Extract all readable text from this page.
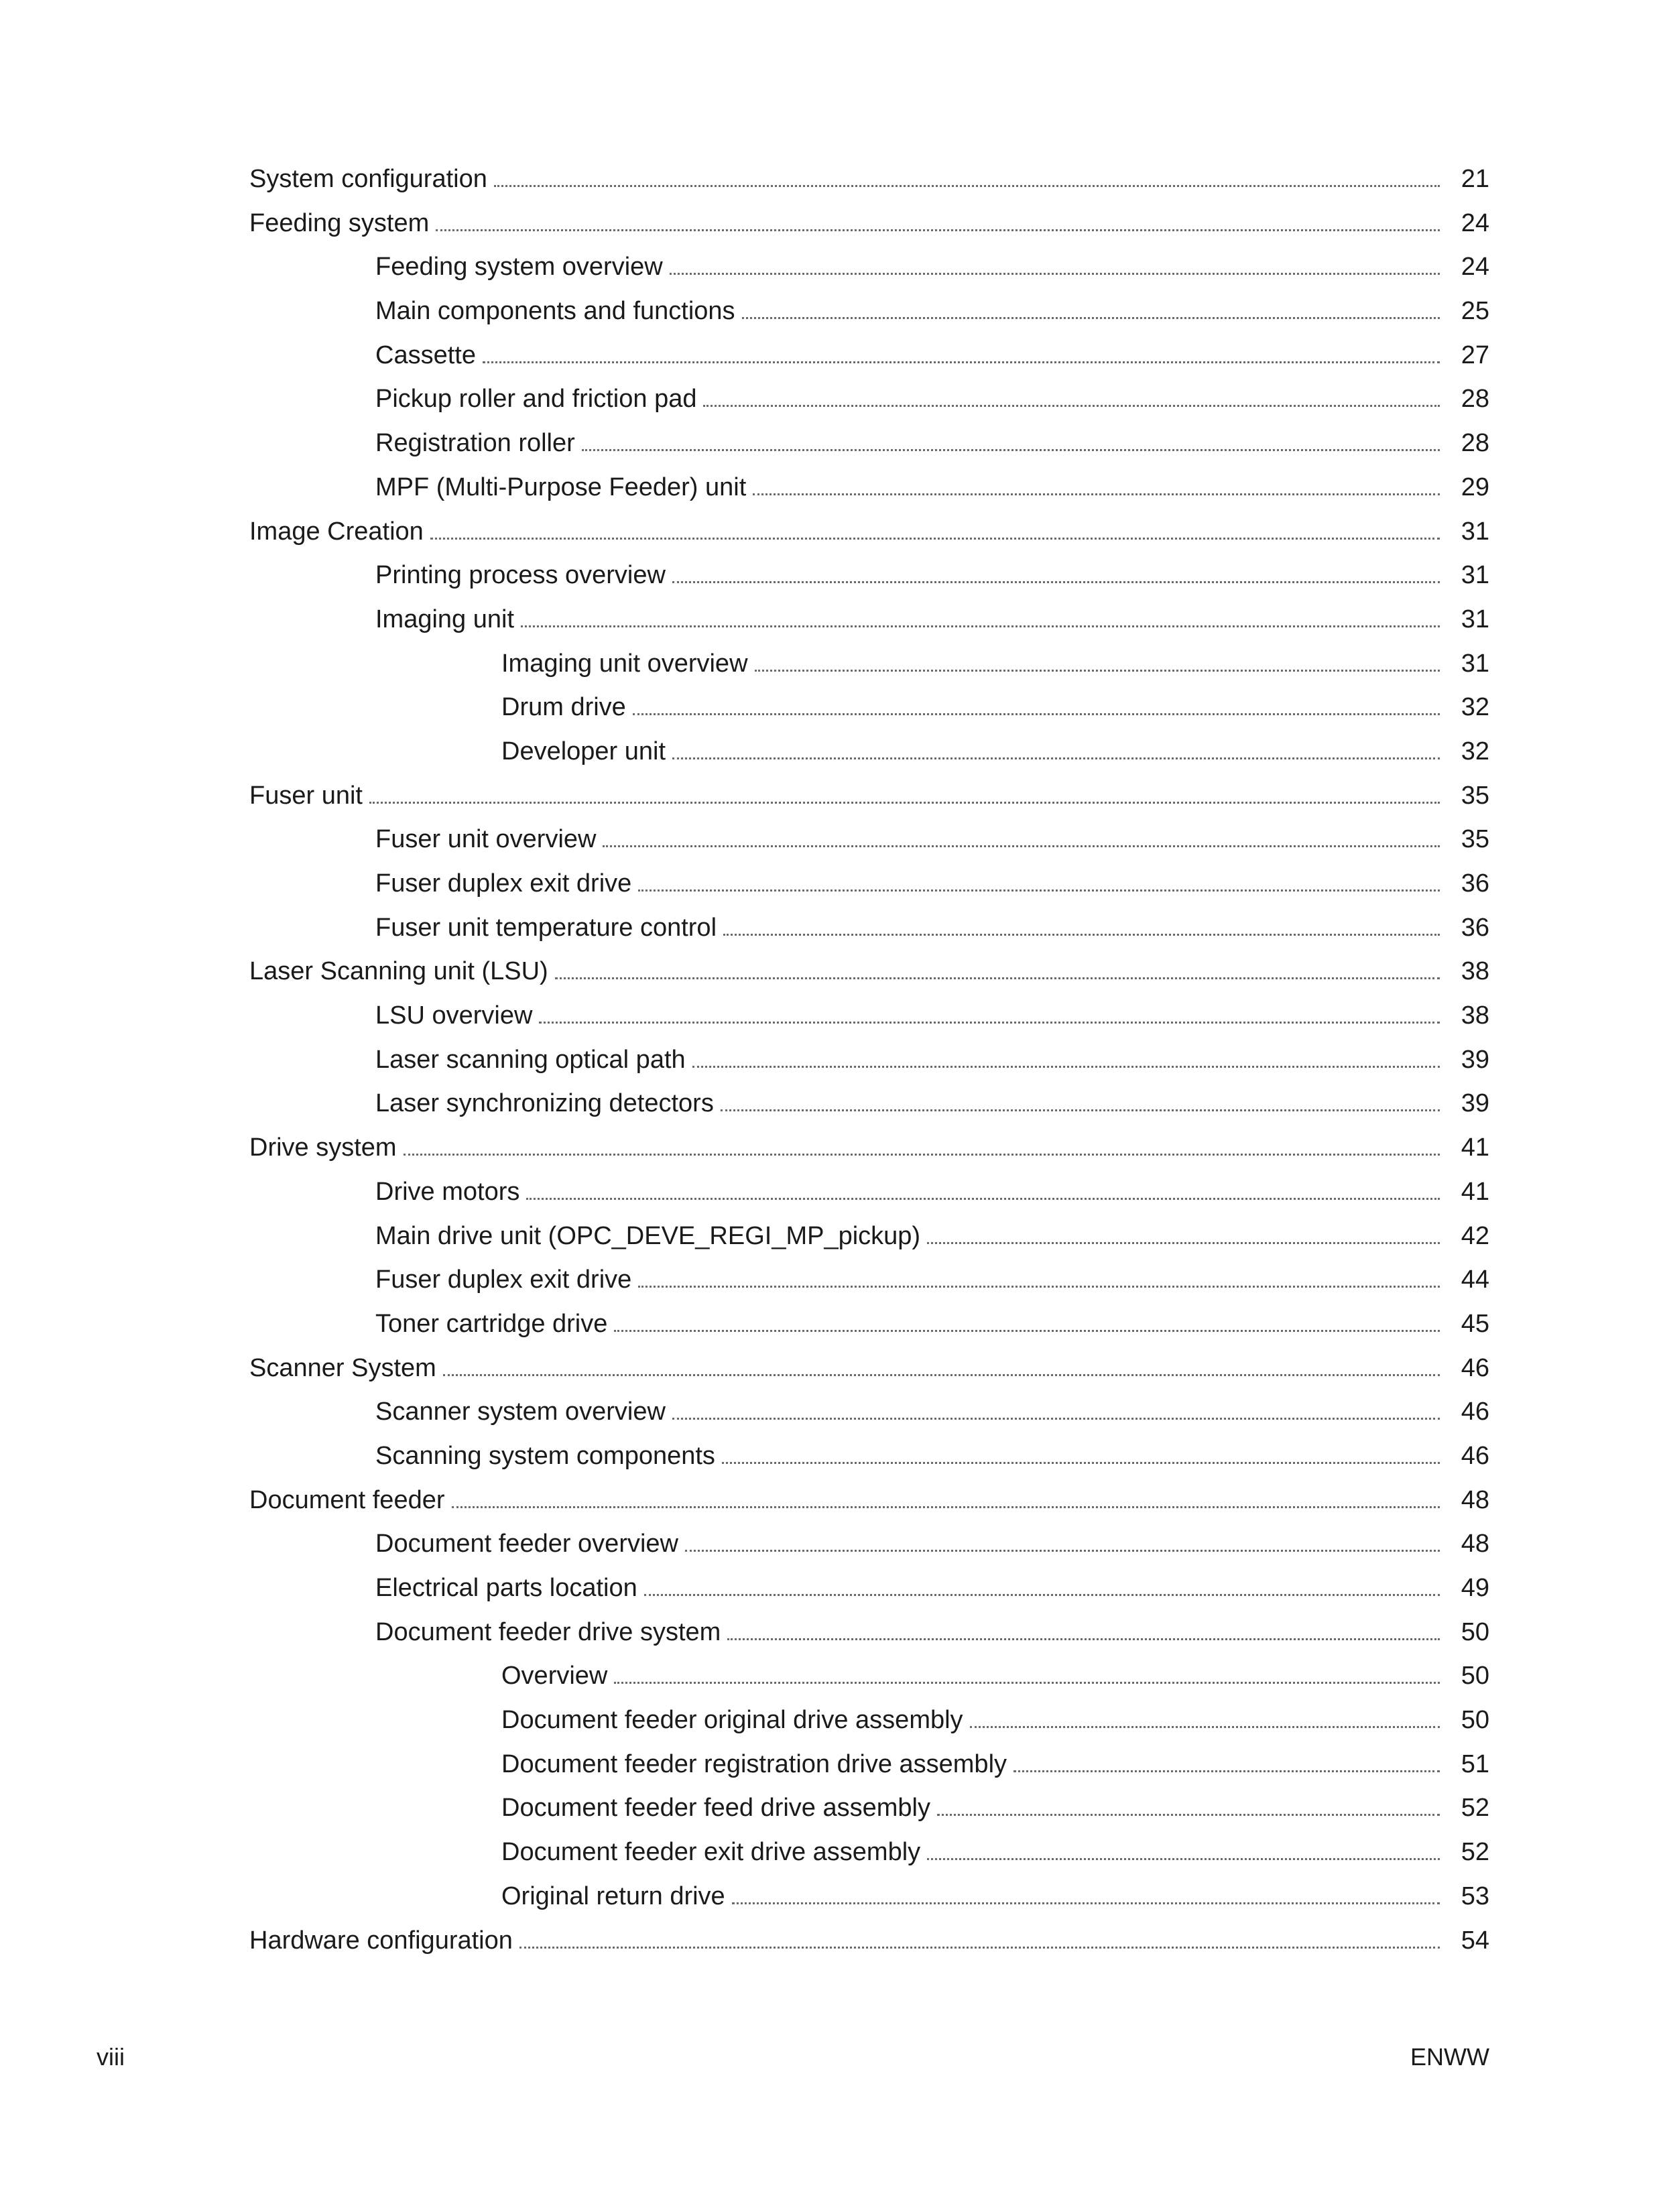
System configuration	21
Feeding system	24
Feeding system overview	24
Main components and functions	25
Cassette	27
Pickup roller and friction pad	28
Registration roller	28
MPF (Multi-Purpose Feeder) unit	29
Image Creation	31
Printing process overview	31
Imaging unit	31
Imaging unit overview	31
Drum drive	32
Developer unit	32
Fuser unit	35
Fuser unit overview	35
Fuser duplex exit drive	36
Fuser unit temperature control	36
Laser Scanning unit (LSU)	38
LSU overview	38
Laser scanning optical path	39
Laser synchronizing detectors	39
Drive system	41
Drive motors	41
Main drive unit (OPC_DEVE_REGI_MP_pickup)	42
Fuser duplex exit drive	44
Toner cartridge drive	45
Scanner System	46
Scanner system overview	46
Scanning system components	46
Document feeder	48
Document feeder overview	48
Electrical parts location	49
Document feeder drive system	50
Overview	50
Document feeder original drive assembly	50
Document feeder registration drive assembly	51
Document feeder feed drive assembly	52
Document feeder exit drive assembly	52
Original return drive	53
Hardware configuration	54
viii	ENWW
